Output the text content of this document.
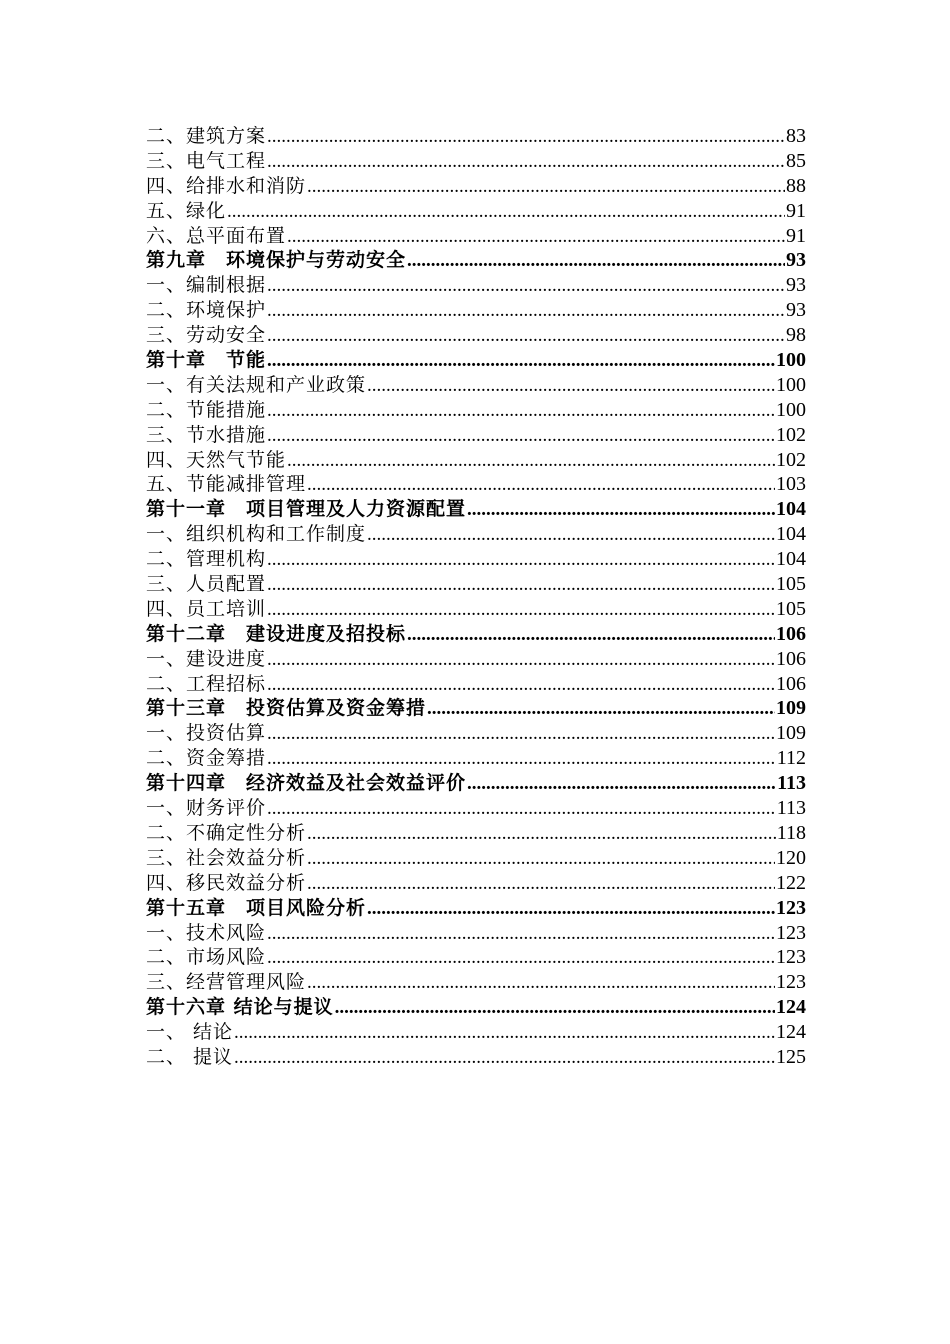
二、建筑方案 .....	83
三、电气工程 .....	85
四、给排水和消防 .....	88
五、绿化 .....	91
六、总平面布置 .....	91
第九章　环境保护与劳动安全 .....	93
一、编制根据 .....	93
二、环境保护 .....	93
三、劳动安全 .....	98
第十章　节能 .....	100
一、有关法规和产业政策 .....	100
二、节能措施 .....	100
三、节水措施 .....	102
四、天然气节能 .....	102
五、节能减排管理 .....	103
第十一章　项目管理及人力资源配置 .....	104
一、组织机构和工作制度 .....	104
二、管理机构 .....	104
三、人员配置 .....	105
四、员工培训 .....	105
第十二章　建设进度及招投标 .....	106
一、建设进度 .....	106
二、工程招标 .....	106
第十三章　投资估算及资金筹措 .....	109
一、投资估算 .....	109
二、资金筹措 .....	112
第十四章　经济效益及社会效益评价 .....	113
一、财务评价 .....	113
二、不确定性分析 .....	118
三、社会效益分析 .....	120
四、移民效益分析 .....	122
第十五章　项目风险分析 .....	123
一、技术风险 .....	123
二、市场风险 .....	123
三、经营管理风险 .....	123
第十六章 结论与提议 .....	124
一、 结论 .....	124
二、 提议 .....	125
